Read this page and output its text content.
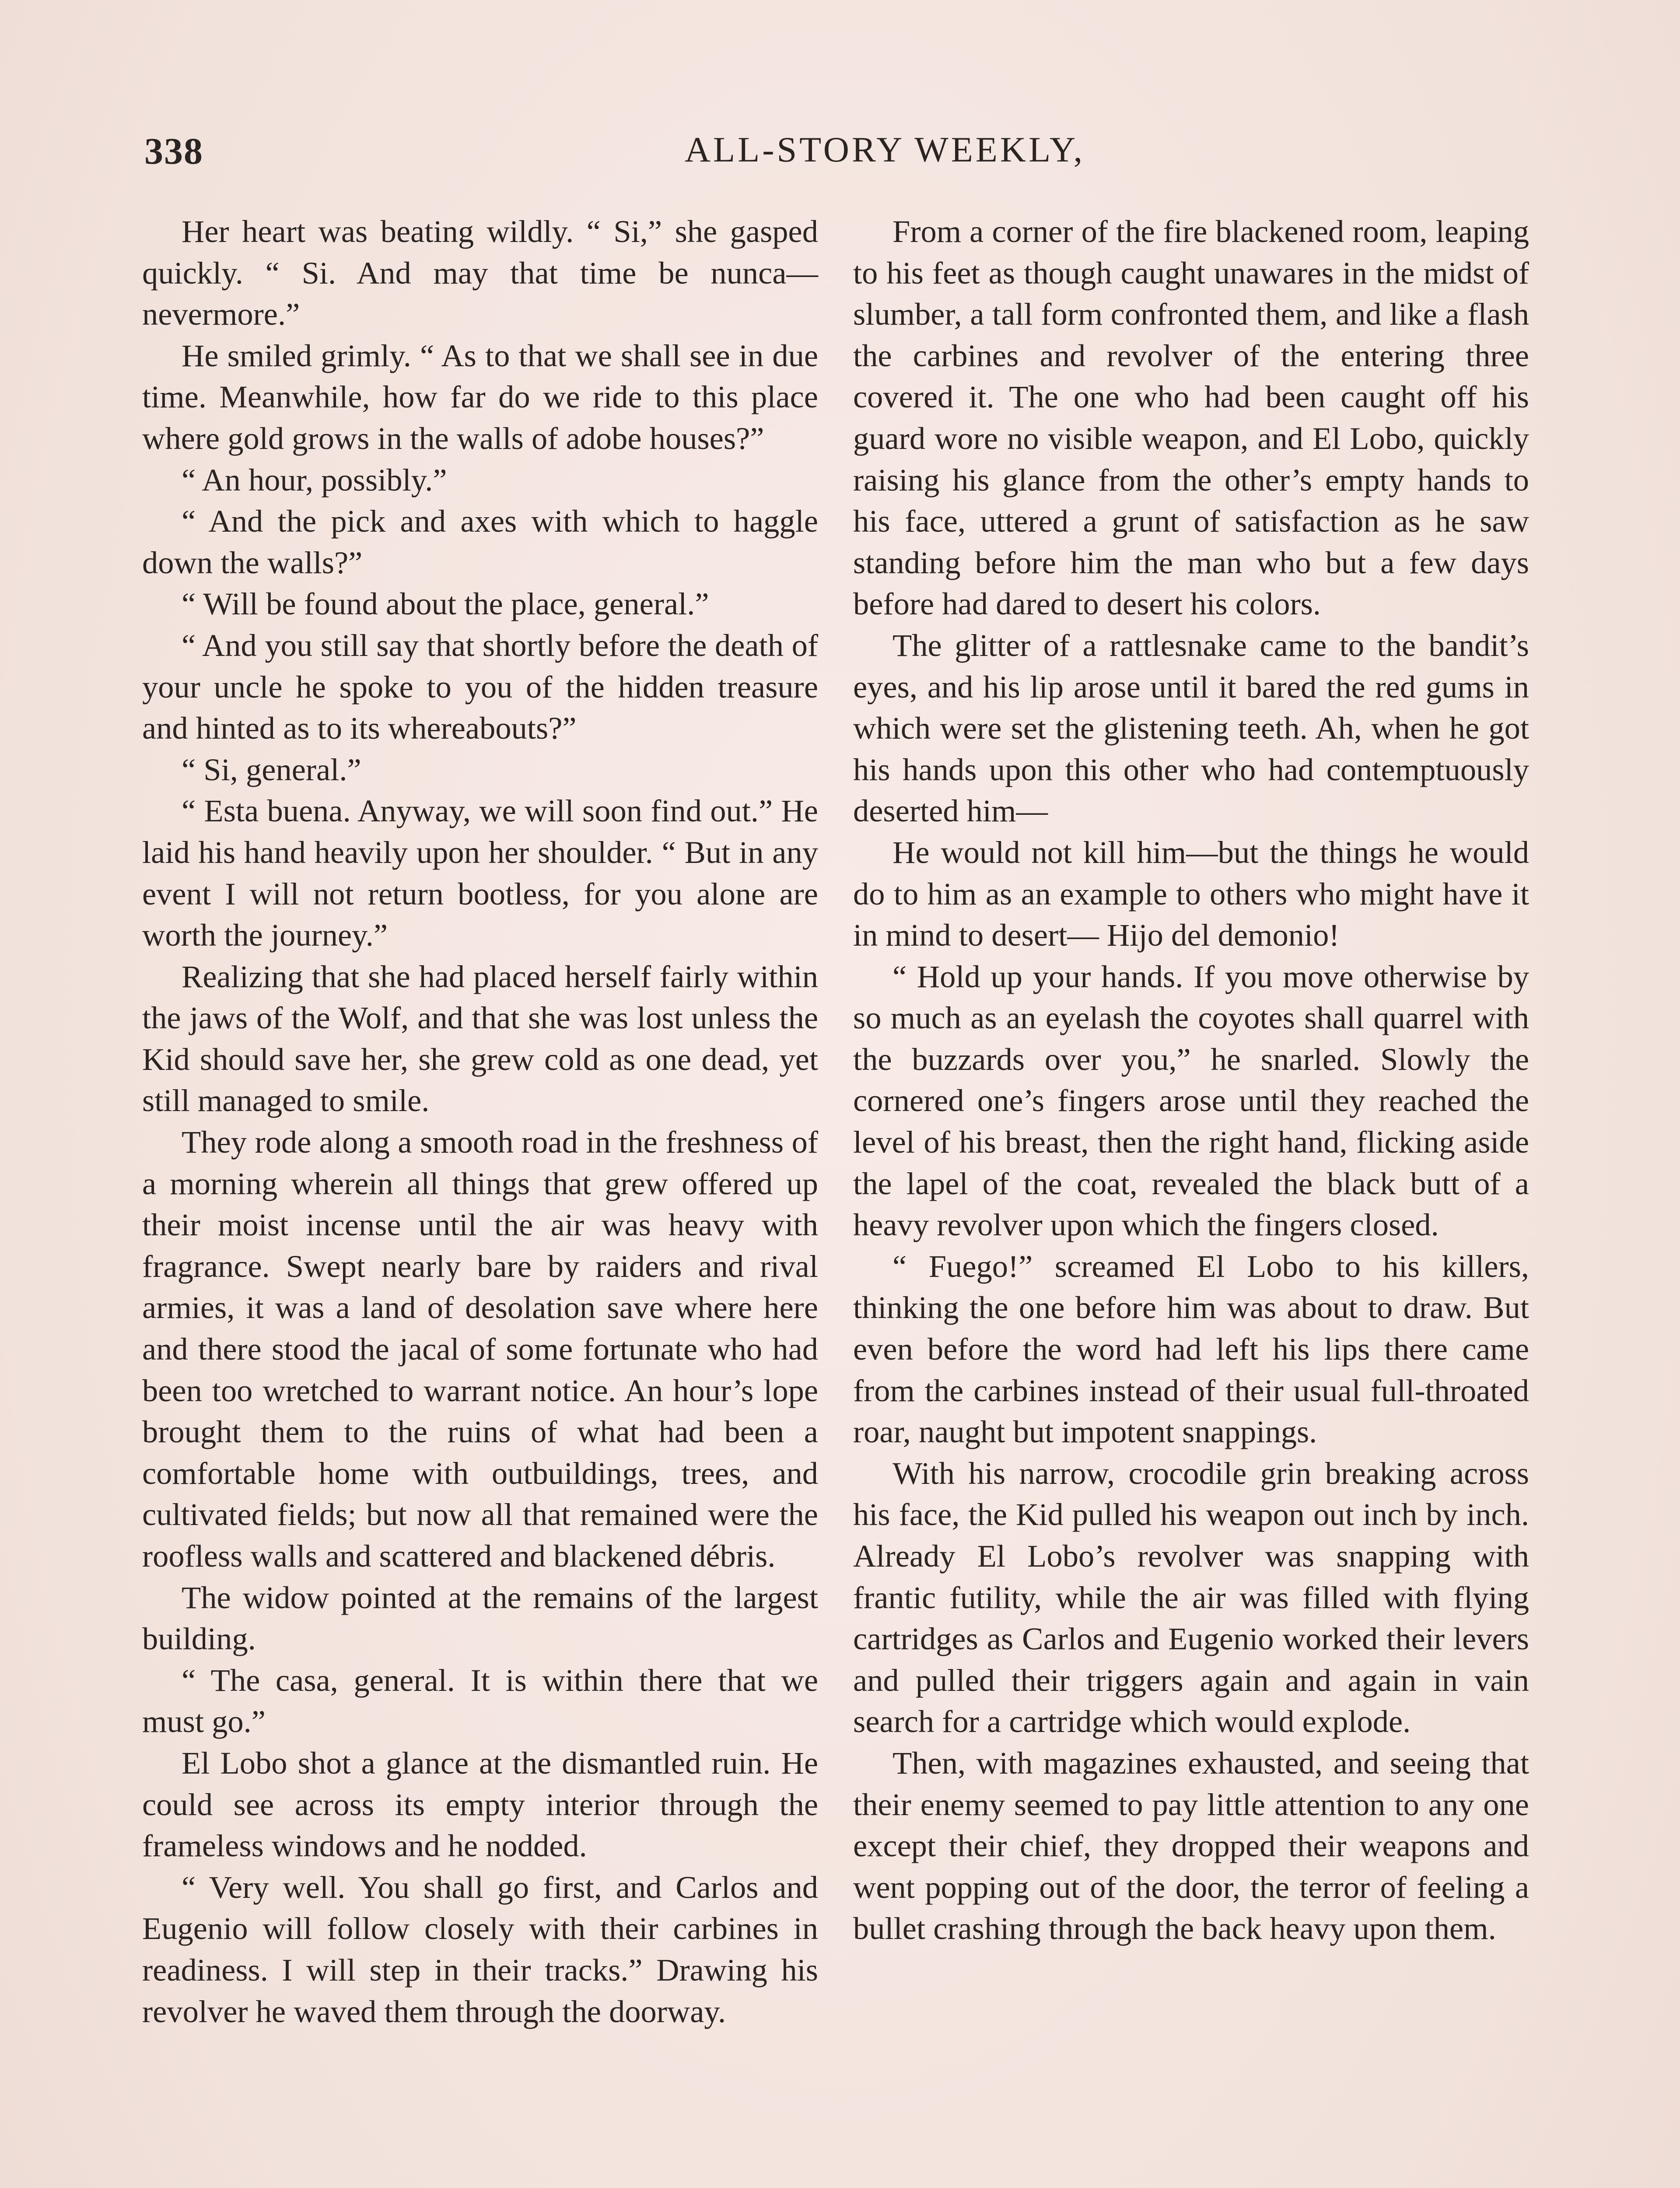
338	ALL-STORY WEEKLY,

Her heart was beating wildly. “ Si,” she gasped quickly. “ Si. And may that time be nunca—nevermore.”

He smiled grimly. “ As to that we shall see in due time. Meanwhile, how far do we ride to this place where gold grows in the walls of adobe houses?”

“ An hour, possibly.”

“ And the pick and axes with which to haggle down the walls?”

“ Will be found about the place, general.”

“ And you still say that shortly before the death of your uncle he spoke to you of the hidden treasure and hinted as to its whereabouts?”

“ Si, general.”

“ Esta buena. Anyway, we will soon find out.” He laid his hand heavily upon her shoulder. “ But in any event I will not return bootless, for you alone are worth the journey.”

Realizing that she had placed herself fairly within the jaws of the Wolf, and that she was lost unless the Kid should save her, she grew cold as one dead, yet still managed to smile.

They rode along a smooth road in the freshness of a morning wherein all things that grew offered up their moist incense until the air was heavy with fragrance. Swept nearly bare by raiders and rival armies, it was a land of desolation save where here and there stood the jacal of some fortunate who had been too wretched to warrant notice. An hour’s lope brought them to the ruins of what had been a comfortable home with outbuildings, trees, and cultivated fields; but now all that remained were the roofless walls and scattered and blackened débris.

The widow pointed at the remains of the largest building.

“ The casa, general. It is within there that we must go.”

El Lobo shot a glance at the dismantled ruin. He could see across its empty interior through the frameless windows and he nodded.

“ Very well. You shall go first, and Carlos and Eugenio will follow closely with their carbines in readiness. I will step in their tracks.” Drawing his revolver he waved them through the doorway.

From a corner of the fire blackened room, leaping to his feet as though caught unawares in the midst of slumber, a tall form confronted them, and like a flash the carbines and revolver of the entering three covered it. The one who had been caught off his guard wore no visible weapon, and El Lobo, quickly raising his glance from the other’s empty hands to his face, uttered a grunt of satisfaction as he saw standing before him the man who but a few days before had dared to desert his colors.

The glitter of a rattlesnake came to the bandit’s eyes, and his lip arose until it bared the red gums in which were set the glistening teeth. Ah, when he got his hands upon this other who had contemptuously deserted him—

He would not kill him—but the things he would do to him as an example to others who might have it in mind to desert— Hijo del demonio!

“ Hold up your hands. If you move otherwise by so much as an eyelash the coyotes shall quarrel with the buzzards over you,” he snarled. Slowly the cornered one’s fingers arose until they reached the level of his breast, then the right hand, flicking aside the lapel of the coat, revealed the black butt of a heavy revolver upon which the fingers closed.

“ Fuego!” screamed El Lobo to his killers, thinking the one before him was about to draw. But even before the word had left his lips there came from the carbines instead of their usual full-throated roar, naught but impotent snappings.

With his narrow, crocodile grin breaking across his face, the Kid pulled his weapon out inch by inch. Already El Lobo’s revolver was snapping with frantic futility, while the air was filled with flying cartridges as Carlos and Eugenio worked their levers and pulled their triggers again and again in vain search for a cartridge which would explode.

Then, with magazines exhausted, and seeing that their enemy seemed to pay little attention to any one except their chief, they dropped their weapons and went popping out of the door, the terror of feeling a bullet crashing through the back heavy upon them.
